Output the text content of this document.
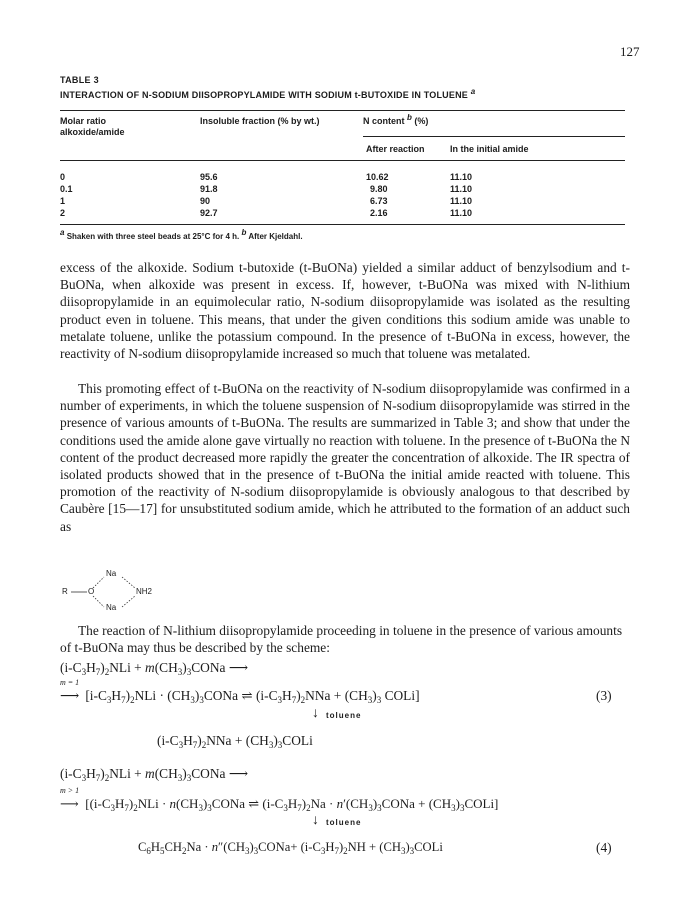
127
TABLE 3
INTERACTION OF N-SODIUM DIISOPROPYLAMIDE WITH SODIUM t-BUTOXIDE IN TOLUENE $^a$
Molar ratio alkoxide/amide
Insoluble fraction (% by wt.)	N content $^b$ (%)
After reaction	In the initial amide
0	95.6	10.62	11.10
0.1	91.8	9.80	11.10
1	90	6.73	11.10
2	92.7	2.16	11.10
$^a$ Shaken with three steel beads at 25°C for 4 h. $^b$ After Kjeldahl.

excess of the alkoxide. Sodium t-butoxide (t-BuONa) yielded a similar adduct of benzylsodium and t-BuONa, when alkoxide was present in excess. If, however, t-BuONa was mixed with N-lithium diisopropylamide in an equimolecular ratio, N-sodium diisopropylamide was isolated as the resulting product even in toluene. This means, that under the given conditions this sodium amide was unable to metalate toluene, unlike the potassium compound. In the presence of t-BuONa in excess, however, the reactivity of N-sodium diisopropylamide increased so much that toluene was metalated.

This promoting effect of t-BuONa on the reactivity of N-sodium diisopropylamide was confirmed in a number of experiments, in which the toluene suspension of N-sodium diisopropylamide was stirred in the presence of various amounts of t-BuONa. The results are summarized in Table 3; and show that under the conditions used the amide alone gave virtually no reaction with toluene. In the presence of t-BuONa the N content of the product decreased more rapidly the greater the concentration of alkoxide. The IR spectra of isolated products showed that in the presence of t-BuONa the initial amide reacted with toluene. This promotion of the reactivity of N-sodium diisopropylamide is obviously analogous to that described by Caubère [15—17] for unsubstituted sodium amide, which he attributed to the formation of an adduct such as

R	O
Na
Na
NH2

The reaction of N-lithium diisopropylamide proceeding in toluene in the presence of various amounts of t-BuONa may thus be described by the scheme:

$(i-C_3H_7)_2NLi$ + $m(CH_3)_3CONa$ ⟶
m = 1
⟶ $[i-C_3H_7)_2NLi$ · $(CH_3)_3CONa$ ⇌ $(i-C_3H_7)_2NNa + (CH_3)_3$ COLi]	(3)
↓ toluene
$(i-C_3H_7)_2NNa$ + $(CH_3)_3COLi$
$(i-C_3H_7)_2NLi$ + $m(CH_3)_3CONa$ ⟶
m > 1
⟶ [$(i-C_3H_7)_2NLi$ · $n(CH_3)_3CONa$ ⇌ $(i-C_3H_7)_2Na$ · $n'(CH_3)_3CONa$ + $(CH_3)_3COLi$]
↓ toluene
$C_6H_5CH_2Na$ · $n''(CH_3)_3CONa+ (i-C_3H_7)_2NH$ + $(CH_3)_3COLi$	(4)
